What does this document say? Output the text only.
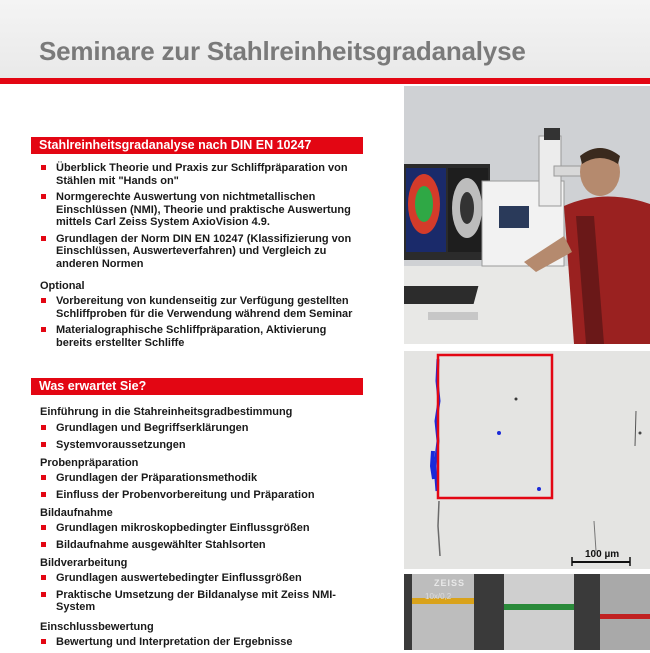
Seminare zur Stahlreinheitsgradanalyse
Stahlreinheitsgradanalyse nach DIN EN 10247
Überblick Theorie und Praxis zur Schliffpräparation von Stählen mit "Hands on"
Normgerechte Auswertung von nichtmetallischen Einschlüssen (NMI), Theorie und praktische Auswertung mittels Carl Zeiss System AxioVision 4.9.
Grundlagen der Norm DIN EN 10247 (Klassifizierung von Einschlüssen, Auswerteverfahren) und Vergleich zu anderen Normen
Optional
Vorbereitung von kundenseitig zur Verfügung gestellten Schliffproben für die Verwendung während dem Seminar
Materialographische Schliffpräparation, Aktivierung bereits erstellter Schliffe
Was erwartet Sie?
Einführung in die Stahreinheitsgradbestimmung
Grundlagen und Begriffserklärungen
Systemvoraussetzungen
Probenpräparation
Grundlagen der Präparationsmethodik
Einfluss der Probenvorbereitung und Präparation
Bildaufnahme
Grundlagen mikroskopbedingter Einflussgrößen
Bildaufnahme ausgewählter Stahlsorten
Bildverarbeitung
Grundlagen auswertebedingter Einflussgrößen
Praktische Umsetzung der Bildanalyse mit Zeiss NMI-System
Einschlussbewertung
Bewertung und Interpretation der Ergebnisse
100 µm
ZEISS
10x/0,2
